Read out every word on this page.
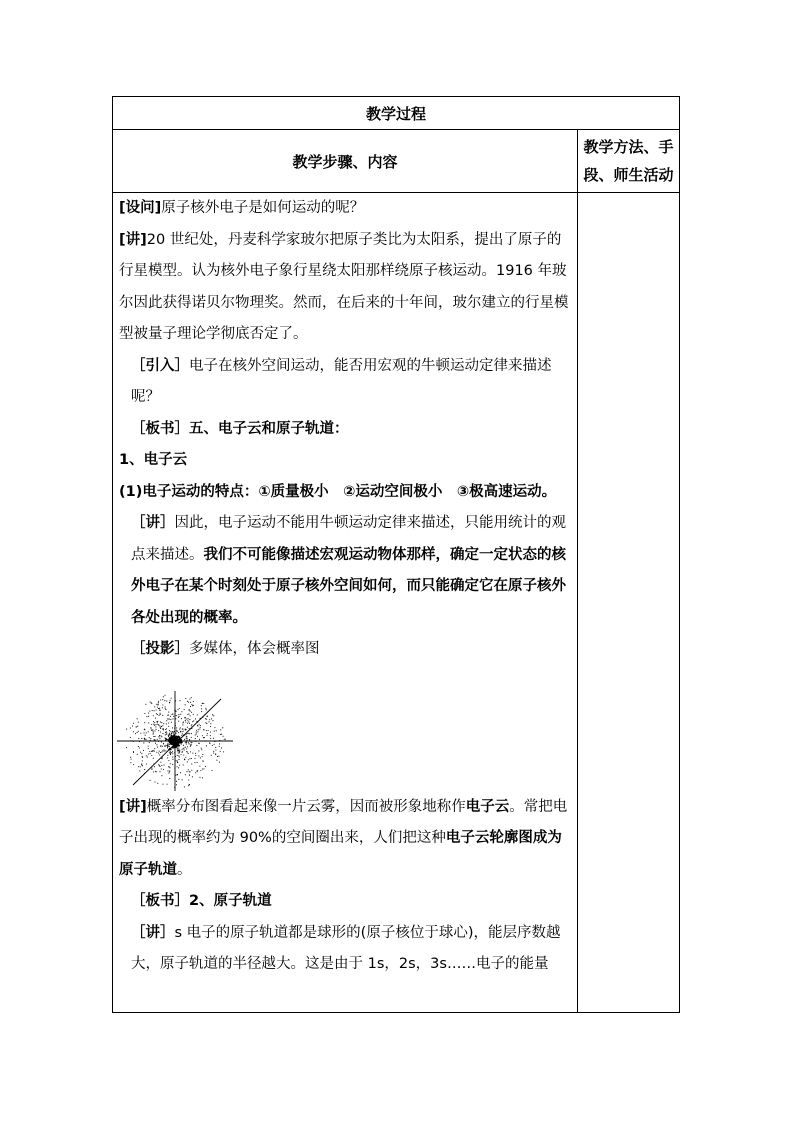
教学过程
教学步骤、内容
教学方法、手
段、师生活动

[设问]原子核外电子是如何运动的呢？

[讲]20 世纪处，丹麦科学家玻尔把原子类比为太阳系，提出了原子的行星模型。认为核外电子象行星绕太阳那样绕原子核运动。1916 年玻尔因此获得诺贝尔物理奖。然而，在后来的十年间，玻尔建立的行星模型被量子理论学彻底否定了。

［引入］电子在核外空间运动，能否用宏观的牛顿运动定律来描述呢？

［板书］五、电子云和原子轨道：

1、电子云

(1)电子运动的特点：①质量极小　②运动空间极小　③极高速运动。

［讲］因此，电子运动不能用牛顿运动定律来描述，只能用统计的观点来描述。我们不可能像描述宏观运动物体那样，确定一定状态的核外电子在某个时刻处于原子核外空间如何，而只能确定它在原子核外各处出现的概率。

［投影］多媒体，体会概率图

[讲]概率分布图看起来像一片云雾，因而被形象地称作电子云。常把电子出现的概率约为 90%的空间圈出来，人们把这种电子云轮廓图成为原子轨道。

［板书］2、原子轨道

［讲］s 电子的原子轨道都是球形的(原子核位于球心)，能层序数越大，原子轨道的半径越大。这是由于 1s，2s，3s……电子的能量
